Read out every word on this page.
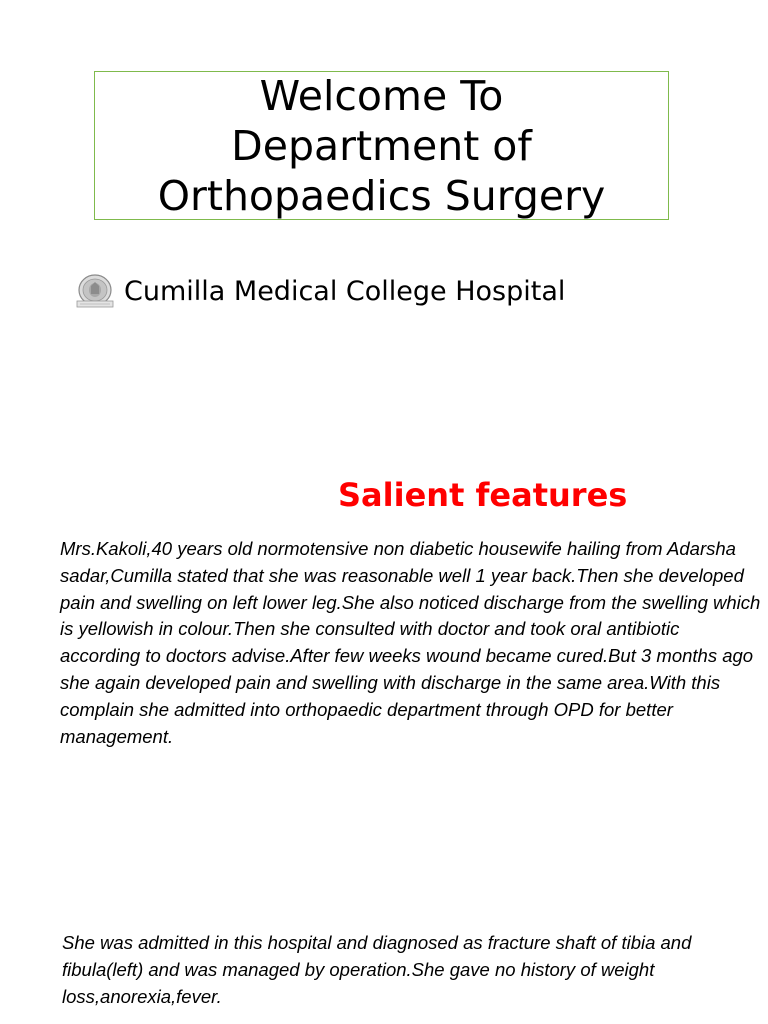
Welcome To
Department of
Orthopaedics Surgery
Cumilla Medical College Hospital
Salient features

Mrs.Kakoli,40 years old normotensive non diabetic housewife hailing from Adarsha sadar,Cumilla stated that she was reasonable well 1 year back.Then she developed pain and swelling on left lower leg.She also noticed discharge from the swelling which is yellowish in colour.Then she consulted with doctor and took oral antibiotic according to doctors advise.After few weeks wound became cured.But 3 months ago she again developed pain and swelling with discharge in the same area.With this complain she admitted into orthopaedic department through OPD for better management.

She was admitted in this hospital and diagnosed as fracture shaft of tibia and fibula(left) and was managed by operation.She gave no history of weight loss,anorexia,fever.
